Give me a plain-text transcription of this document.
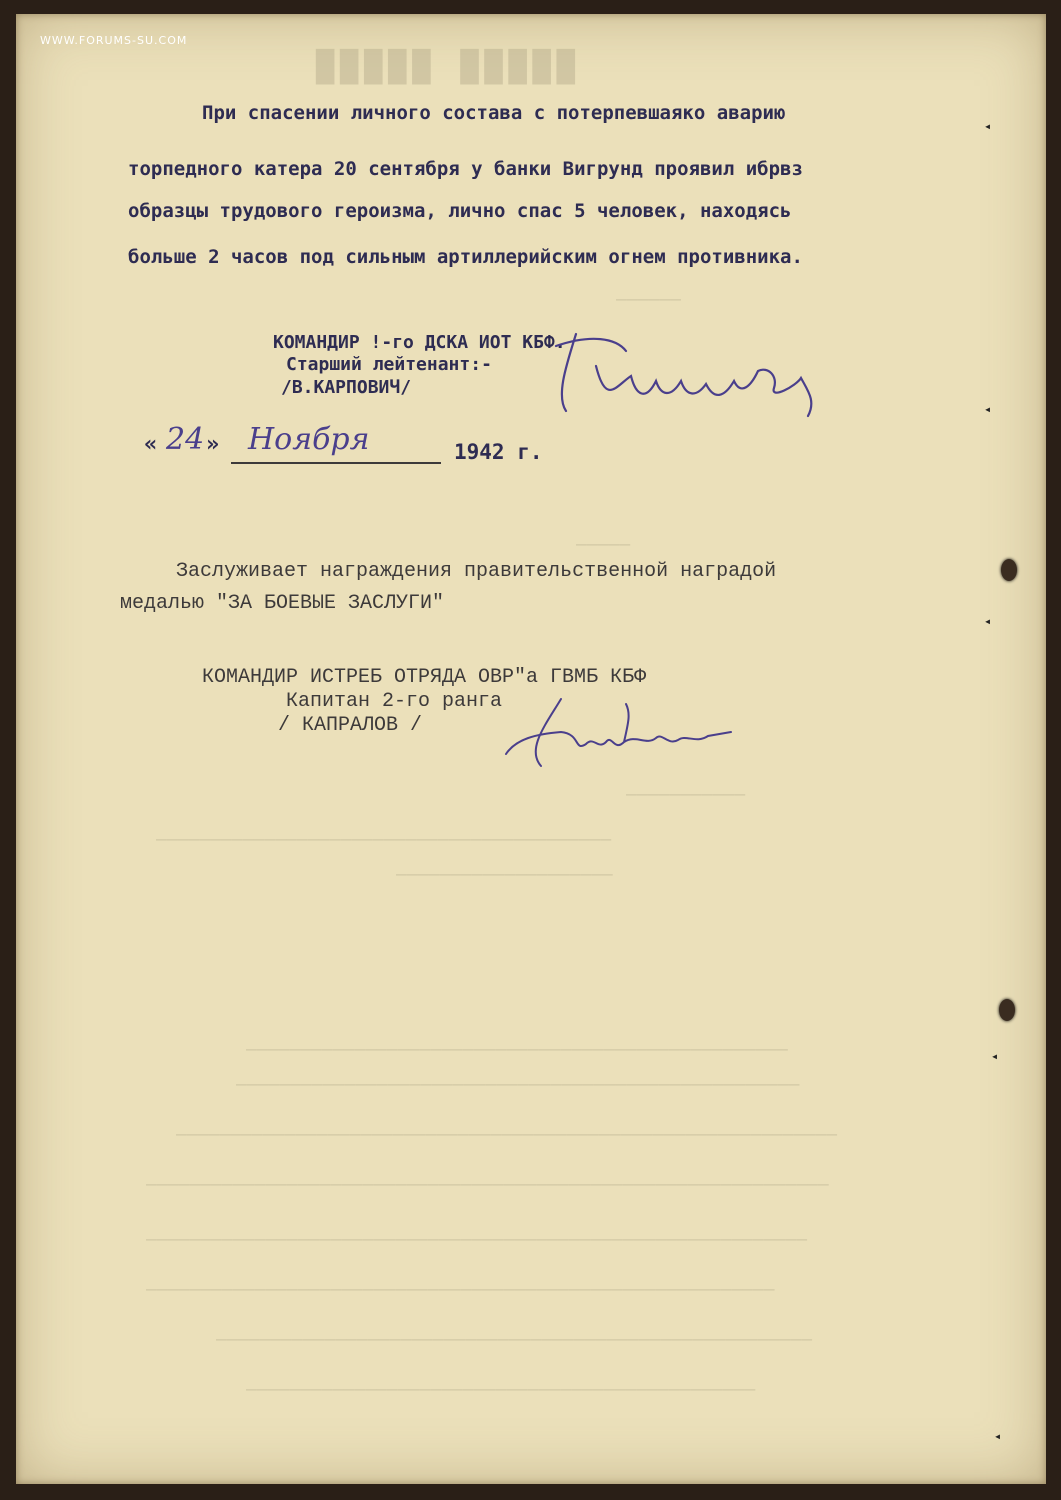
WWW.FORUMS-SU.COM
█████ █████
––––––
–––––
–––––––––––
––––––––––––––––––––––––––––––––––––––––––
––––––––––––––––––––
––––––––––––––––––––––––––––––––––––––––––––––––––
––––––––––––––––––––––––––––––––––––––––––––––––––––
–––––––––––––––––––––––––––––––––––––––––––––––––––––––––––––
–––––––––––––––––––––––––––––––––––––––––––––––––––––––––––––––
–––––––––––––––––––––––––––––––––––––––––––––––––––––––––––––
––––––––––––––––––––––––––––––––––––––––––––––––––––––––––
–––––––––––––––––––––––––––––––––––––––––––––––––––––––
–––––––––––––––––––––––––––––––––––––––––––––––
◂
◂
◂
◂
◂
При спасении личного состава с потерпевшаяко аварию
торпедного катера 20 сентября у банки Вигрунд проявил ибрвз
образцы трудового героизма, лично спас 5 человек, находясь
больше 2 часов под сильным артиллерийским огнем противника.
КОМАНДИР !-го ДСКА ИОТ КБФ.
Старший лейтенант:-
/В.КАРПОВИЧ/
« 24 » Ноября	1942 г.
Заслуживает награждения правительственной наградой
медалью "ЗА БОЕВЫЕ ЗАСЛУГИ"
КОМАНДИР ИСТРЕБ ОТРЯДА ОВР"а ГВМБ КБФ
Капитан 2-го ранга
/ КАПРАЛОВ /
